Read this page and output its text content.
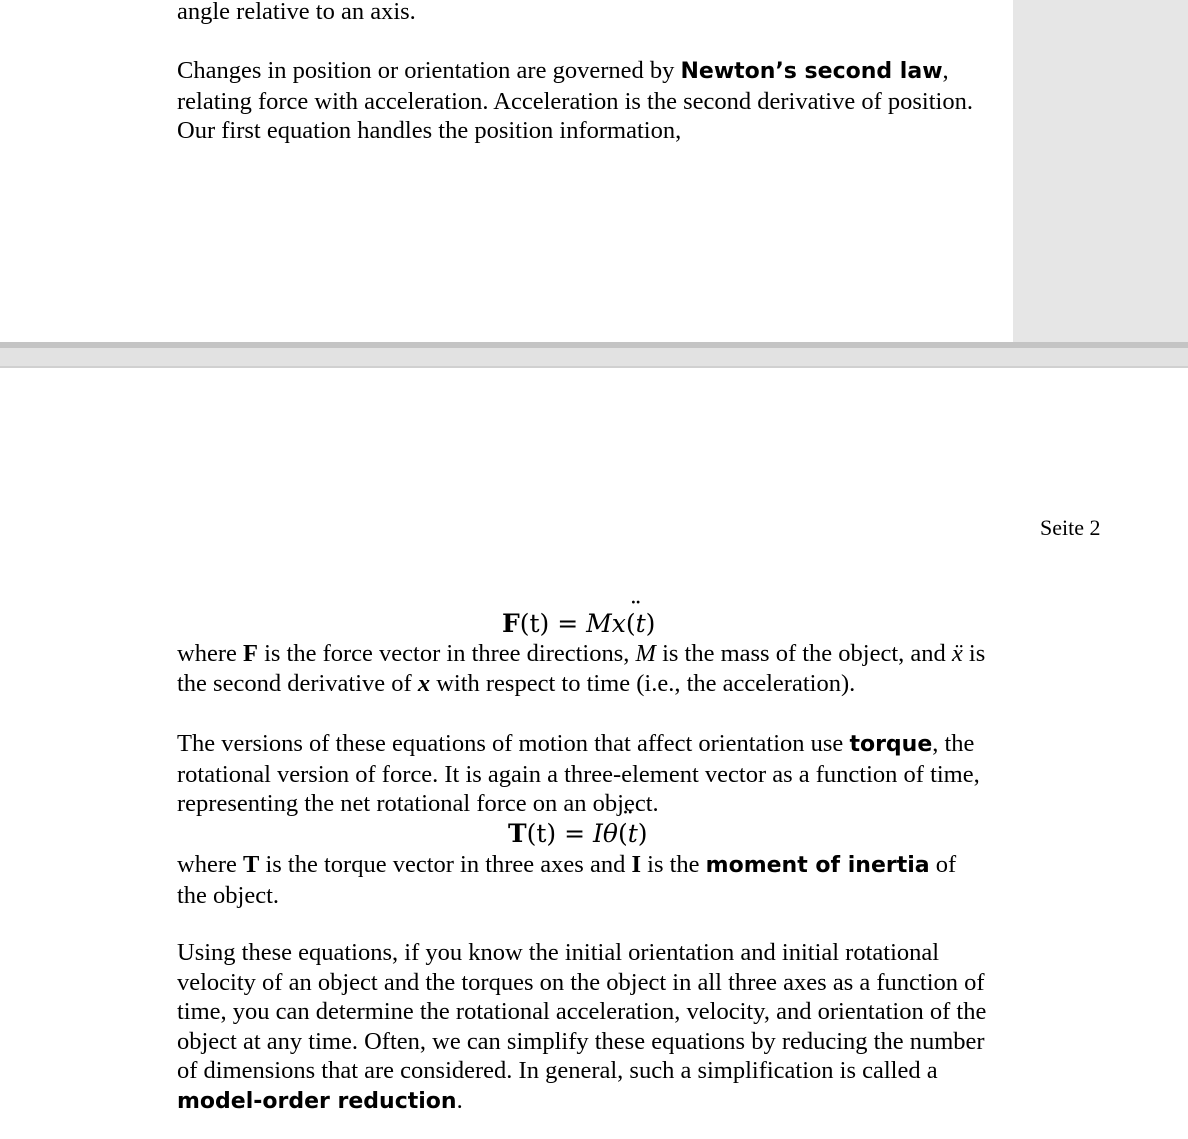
angle relative to an axis.

Changes in position or orientation are governed by Newton’s second law, relating force with acceleration. Acceleration is the second derivative of position. Our first equation handles the position information,

Seite 2
F(t) = Mx¨ (t)

where F is the force vector in three directions, M is the mass of the object, and ẍ is the second derivative of x with respect to time (i.e., the acceleration).

The versions of these equations of motion that affect orientation use torque, the rotational version of force. It is again a three-element vector as a function of time, representing the net rotational force on an object.

T(t) = Iθ¨ (t)

where T is the torque vector in three axes and I is the moment of inertia of the object.

Using these equations, if you know the initial orientation and initial rotational velocity of an object and the torques on the object in all three axes as a function of time, you can determine the rotational acceleration, velocity, and orientation of the object at any time. Often, we can simplify these equations by reducing the number of dimensions that are considered. In general, such a simplification is called a model-order reduction.
